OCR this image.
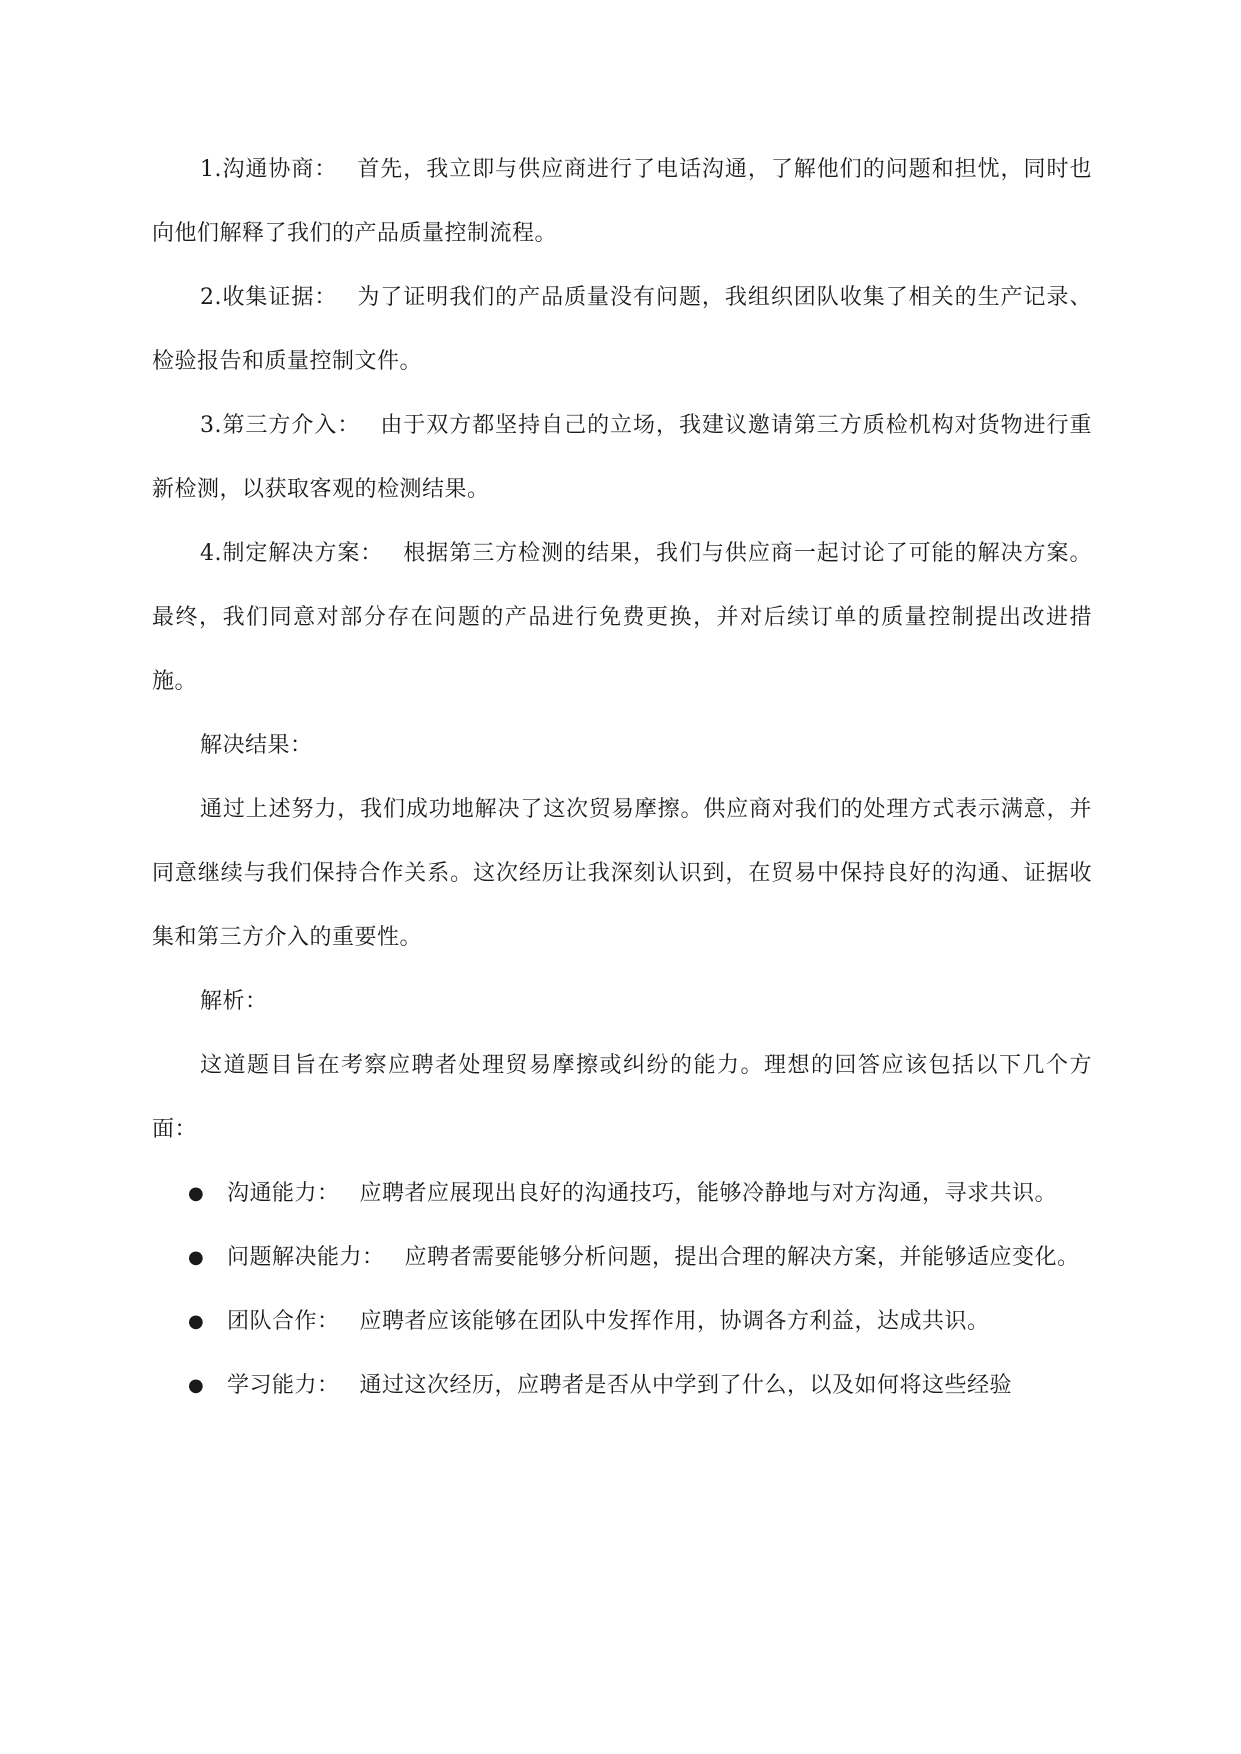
1.沟通协商： 首先，我立即与供应商进行了电话沟通，了解他们的问题和担忧，同时也向他们解释了我们的产品质量控制流程。

2.收集证据： 为了证明我们的产品质量没有问题，我组织团队收集了相关的生产记录、检验报告和质量控制文件。

3.第三方介入： 由于双方都坚持自己的立场，我建议邀请第三方质检机构对货物进行重新检测，以获取客观的检测结果。

4.制定解决方案： 根据第三方检测的结果，我们与供应商一起讨论了可能的解决方案。最终，我们同意对部分存在问题的产品进行免费更换，并对后续订单的质量控制提出改进措施。

解决结果：

通过上述努力，我们成功地解决了这次贸易摩擦。供应商对我们的处理方式表示满意，并同意继续与我们保持合作关系。这次经历让我深刻认识到，在贸易中保持良好的沟通、证据收集和第三方介入的重要性。

解析：

这道题目旨在考察应聘者处理贸易摩擦或纠纷的能力。理想的回答应该包括以下几个方面：

● 沟通能力： 应聘者应展现出良好的沟通技巧，能够冷静地与对方沟通，寻求共识。
● 问题解决能力： 应聘者需要能够分析问题，提出合理的解决方案，并能够适应变化。
● 团队合作： 应聘者应该能够在团队中发挥作用，协调各方利益，达成共识。
● 学习能力： 通过这次经历，应聘者是否从中学到了什么，以及如何将这些经验
